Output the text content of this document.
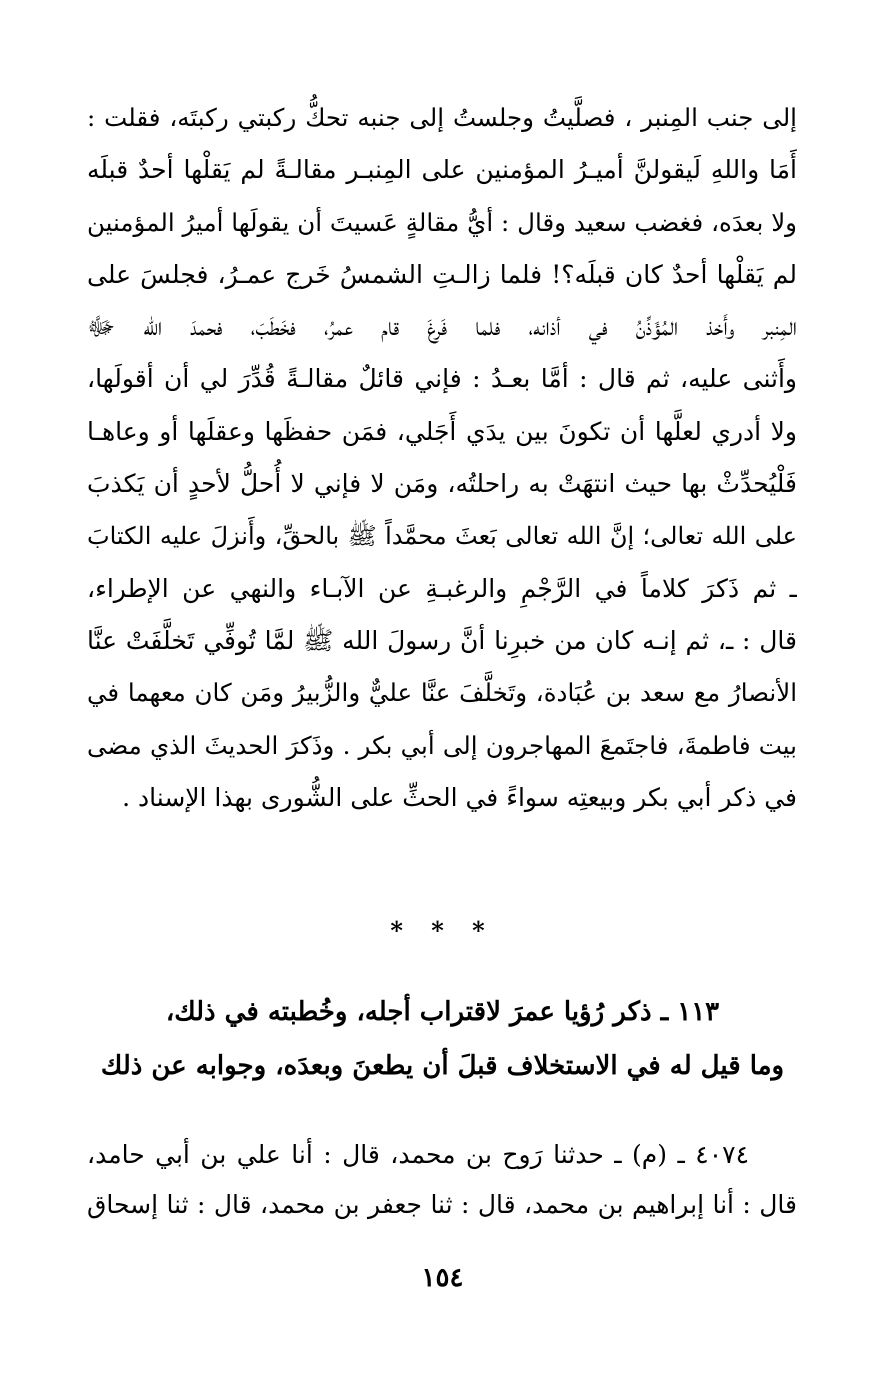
إلى جنب المِنبر ، فصلَّيتُ وجلستُ إلى جنبه تحكُّ ركبتي ركبتَه، فقلت :
أَمَا واللهِ لَيقولنَّ أميـرُ المؤمنين على المِنبـر مقالـةً لم يَقلْها أحدٌ قبلَه
ولا بعدَه، فغضب سعيد وقال : أيُّ مقالةٍ عَسيتَ أن يقولَها أميرُ المؤمنين
لم يَقلْها أحدٌ كان قبلَه؟! فلما زالـتِ الشمسُ خَرج عمـرُ، فجلسَ على
المِنبر وأَخذ المُؤَذِّنُ في أذانه، فلما فَرغَ قام عمرُ، فخَطَبَ، فحمدَ الله ﷻ
وأَثنى عليه، ثم قال : أمَّا بعـدُ : فإني قائلٌ مقالـةً قُدِّرَ لي أن أقولَها،
ولا أدري لعلَّها أن تكونَ بين يدَي أَجَلي، فمَن حفظَها وعقلَها أو وعاهـا
فَلْيُحدِّثْ بها حيث انتهَتْ به راحلتُه، ومَن لا فإني لا أُحلُّ لأحدٍ أن يَكذبَ
على الله تعالى؛ إنَّ الله تعالى بَعثَ محمَّداً ﷺ بالحقِّ، وأَنزلَ عليه الكتابَ
ـ ثم ذَكرَ كلاماً في الرَّجْمِ والرغبـةِ عن الآبـاء والنهي عن الإطراء،
قال : ـ، ثم إنـه كان من خبرِنا أنَّ رسولَ الله ﷺ لمَّا تُوفِّي تَخلَّفَتْ عنَّا
الأنصارُ مع سعد بن عُبَادة، وتَخلَّفَ عنَّا عليٌّ والزُّبيرُ ومَن كان معهما في
بيت فاطمةَ، فاجتَمعَ المهاجرون إلى أبي بكر . وذَكرَ الحديثَ الذي مضى
في ذكر أبي بكر وبيعتِه سواءً في الحثِّ على الشُّورى بهذا الإسناد .
* * *
١١٣ ـ ذكر رُؤيا عمرَ لاقتراب أجله، وخُطبته في ذلك،
وما قيل له في الاستخلاف قبلَ أن يطعنَ وبعدَه، وجوابه عن ذلك
٤٠٧٤ ـ (م) ـ حدثنا رَوح بن محمد، قال : أنا علي بن أبي حامد،
قال : أنا إبراهيم بن محمد، قال : ثنا جعفر بن محمد، قال : ثنا إسحاق
١٥٤
